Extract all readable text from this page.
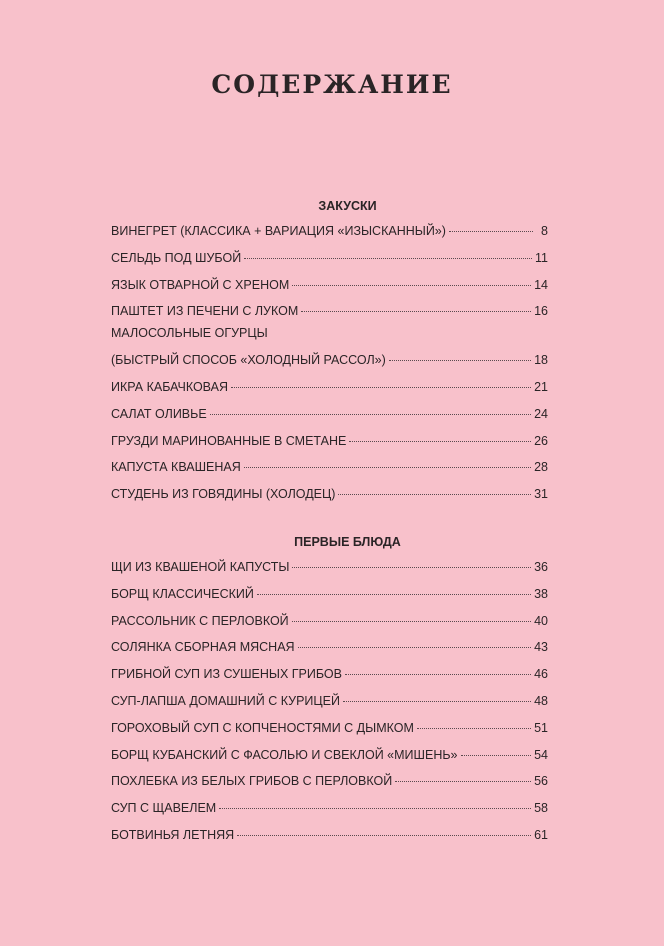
СОДЕРЖАНИЕ
ЗАКУСКИ
ВИНЕГРЕТ (КЛАССИКА + ВАРИАЦИЯ «ИЗЫСКАННЫЙ»)	8
СЕЛЬДЬ ПОД ШУБОЙ	11
ЯЗЫК ОТВАРНОЙ С ХРЕНОМ	14
ПАШТЕТ ИЗ ПЕЧЕНИ С ЛУКОМ	16
МАЛОСОЛЬНЫЕ ОГУРЦЫ
(БЫСТРЫЙ СПОСОБ «ХОЛОДНЫЙ РАССОЛ»)	18
ИКРА КАБАЧКОВАЯ	21
САЛАТ ОЛИВЬЕ	24
ГРУЗДИ МАРИНОВАННЫЕ В СМЕТАНЕ	26
КАПУСТА КВАШЕНАЯ	28
СТУДЕНЬ ИЗ ГОВЯДИНЫ (ХОЛОДЕЦ)	31
ПЕРВЫЕ БЛЮДА
ЩИ ИЗ КВАШЕНОЙ КАПУСТЫ	36
БОРЩ КЛАССИЧЕСКИЙ	38
РАССОЛЬНИК С ПЕРЛОВКОЙ	40
СОЛЯНКА СБОРНАЯ МЯСНАЯ	43
ГРИБНОЙ СУП ИЗ СУШЕНЫХ ГРИБОВ	46
СУП-ЛАПША ДОМАШНИЙ С КУРИЦЕЙ	48
ГОРОХОВЫЙ СУП С КОПЧЕНОСТЯМИ С ДЫМКОМ	51
БОРЩ КУБАНСКИЙ С ФАСОЛЬЮ И СВЕКЛОЙ «МИШЕНЬ»	54
ПОХЛЕБКА ИЗ БЕЛЫХ ГРИБОВ С ПЕРЛОВКОЙ	56
СУП С ЩАВЕЛЕМ	58
БОТВИНЬЯ ЛЕТНЯЯ	61
